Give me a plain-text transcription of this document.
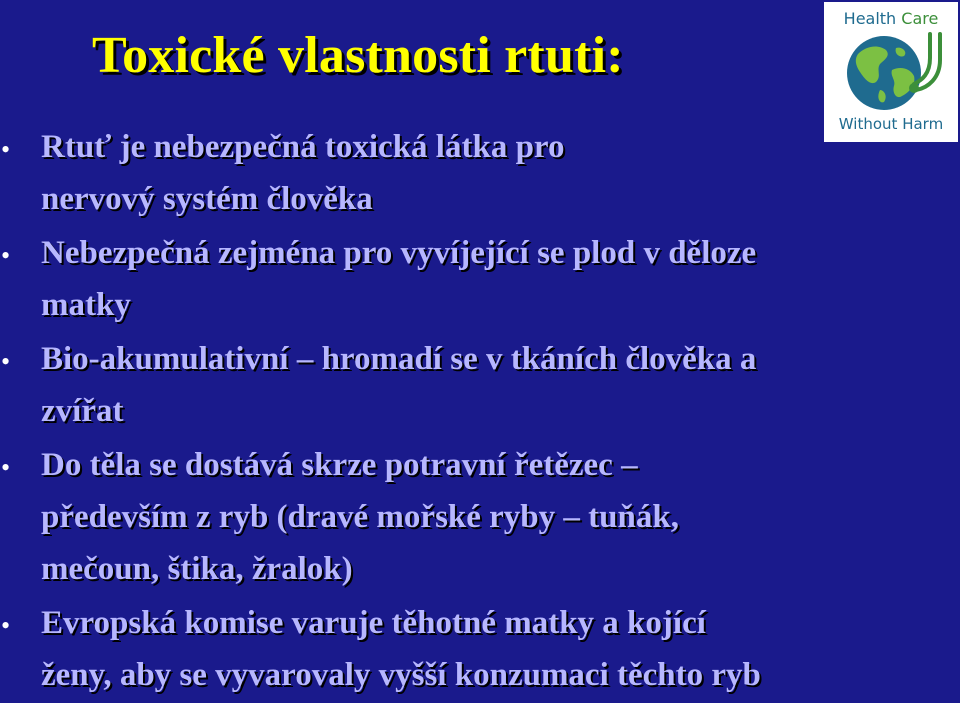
Toxické vlastnosti rtuti:
Health Care
Without Harm
• Rtuť je nebezpečná toxická látka pro
nervový systém člověka
• Nebezpečná zejména pro vyvíjející se plod v děloze
matky
• Bio-akumulativní – hromadí se v tkáních člověka a
zvířat
• Do těla se dostává skrze potravní řetězec –
především z ryb (dravé mořské ryby – tuňák,
mečoun, štika, žralok)
• Evropská komise varuje těhotné matky a kojící
ženy, aby se vyvarovaly vyšší konzumaci těchto ryb
